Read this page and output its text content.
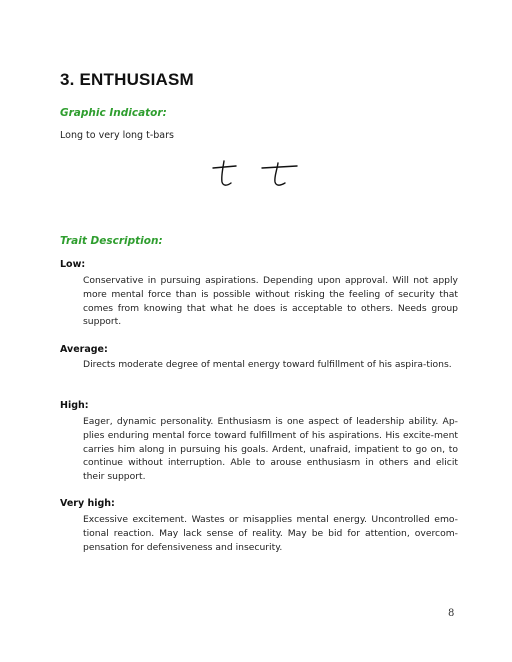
3. ENTHUSIASM
Graphic Indicator:
Long to very long t-bars
Trait Description:
Low:

Conservative in pursuing aspirations. Depending upon approval. Will not apply more mental force than is possible without risking the feeling of security that comes from knowing that what he does is acceptable to others. Needs group support.

Average:

Directs moderate degree of mental energy toward fulfillment of his aspira-tions.

High:

Eager, dynamic personality. Enthusiasm is one aspect of leadership ability. Ap-plies enduring mental force toward fulfillment of his aspirations. His excite-ment carries him along in pursuing his goals. Ardent, unafraid, impatient to go on, to continue without interruption. Able to arouse enthusiasm in others and elicit their support.

Very high:

Excessive excitement. Wastes or misapplies mental energy. Uncontrolled emo-tional reaction. May lack sense of reality. May be bid for attention, overcom-pensation for defensiveness and insecurity.

8
